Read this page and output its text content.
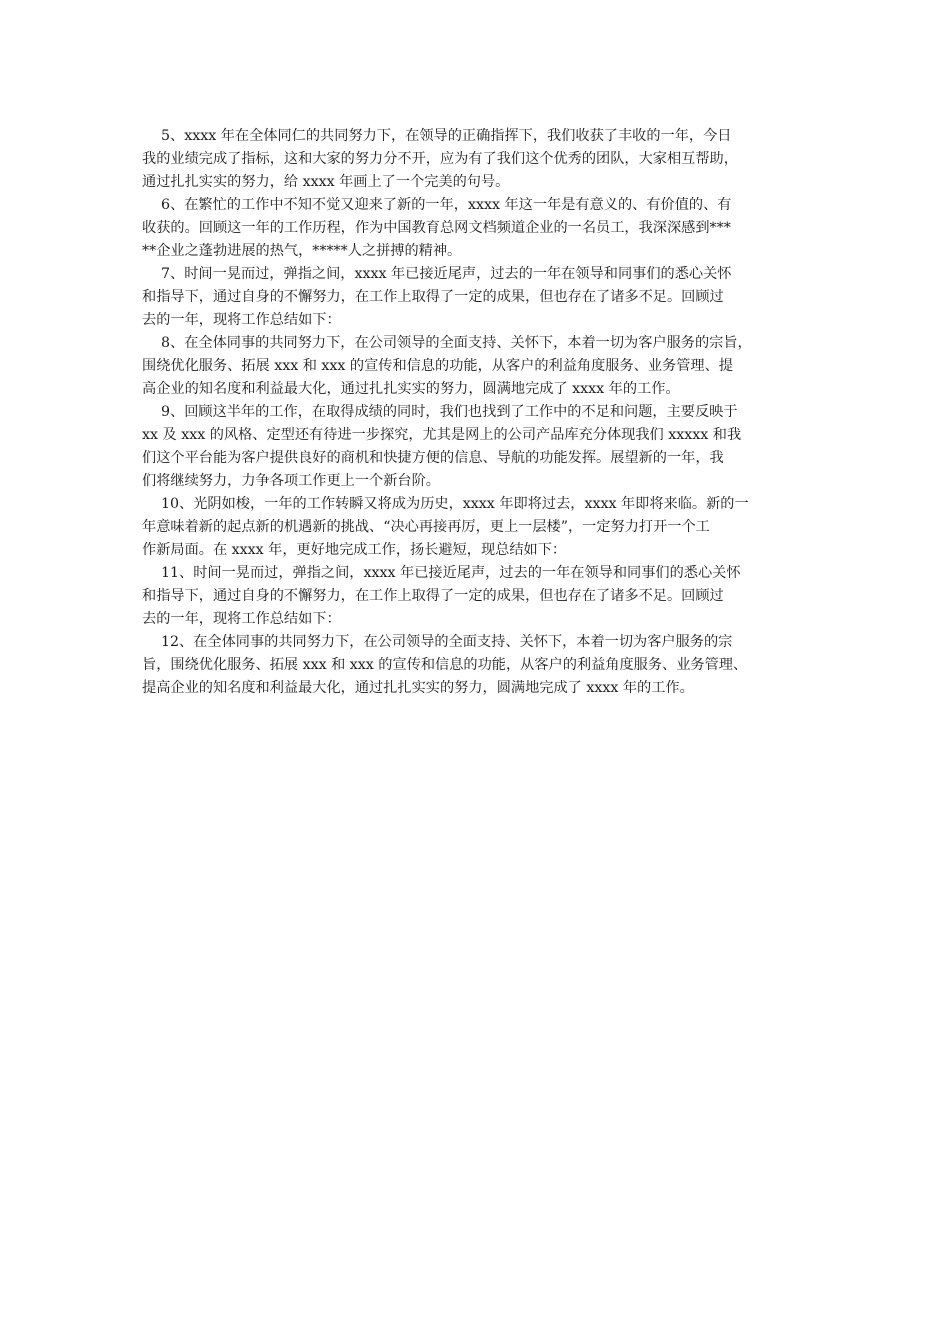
5、xxxx 年在全体同仁的共同努力下，在领导的正确指挥下，我们收获了丰收的一年，今日
我的业绩完成了指标，这和大家的努力分不开，应为有了我们这个优秀的团队，大家相互帮助，
通过扎扎实实的努力，给 xxxx 年画上了一个完美的句号。
6、在繁忙的工作中不知不觉又迎来了新的一年，xxxx 年这一年是有意义的、有价值的、有
收获的。回顾这一年的工作历程，作为中国教育总网文档频道企业的一名员工，我深深感到***
**企业之蓬勃进展的热气，*****人之拼搏的精神。
7、时间一晃而过，弹指之间，xxxx 年已接近尾声，过去的一年在领导和同事们的悉心关怀
和指导下，通过自身的不懈努力，在工作上取得了一定的成果，但也存在了诸多不足。回顾过
去的一年，现将工作总结如下：
8、在全体同事的共同努力下，在公司领导的全面支持、关怀下，本着一切为客户服务的宗旨，
围绕优化服务、拓展 xxx 和 xxx 的宣传和信息的功能，从客户的利益角度服务、业务管理、提
高企业的知名度和利益最大化，通过扎扎实实的努力，圆满地完成了 xxxx 年的工作。
9、回顾这半年的工作，在取得成绩的同时，我们也找到了工作中的不足和问题，主要反映于
xx 及 xxx 的风格、定型还有待进一步探究，尤其是网上的公司产品库充分体现我们 xxxxx 和我
们这个平台能为客户提供良好的商机和快捷方便的信息、导航的功能发挥。展望新的一年，我
们将继续努力，力争各项工作更上一个新台阶。
10、光阴如梭，一年的工作转瞬又将成为历史，xxxx 年即将过去，xxxx 年即将来临。新的一
年意味着新的起点新的机遇新的挑战、“决心再接再厉，更上一层楼”，一定努力打开一个工
作新局面。在 xxxx 年，更好地完成工作，扬长避短，现总结如下：
11、时间一晃而过，弹指之间，xxxx 年已接近尾声，过去的一年在领导和同事们的悉心关怀
和指导下，通过自身的不懈努力，在工作上取得了一定的成果，但也存在了诸多不足。回顾过
去的一年，现将工作总结如下：
12、在全体同事的共同努力下，在公司领导的全面支持、关怀下，本着一切为客户服务的宗
旨，围绕优化服务、拓展 xxx 和 xxx 的宣传和信息的功能，从客户的利益角度服务、业务管理、
提高企业的知名度和利益最大化，通过扎扎实实的努力，圆满地完成了 xxxx 年的工作。
